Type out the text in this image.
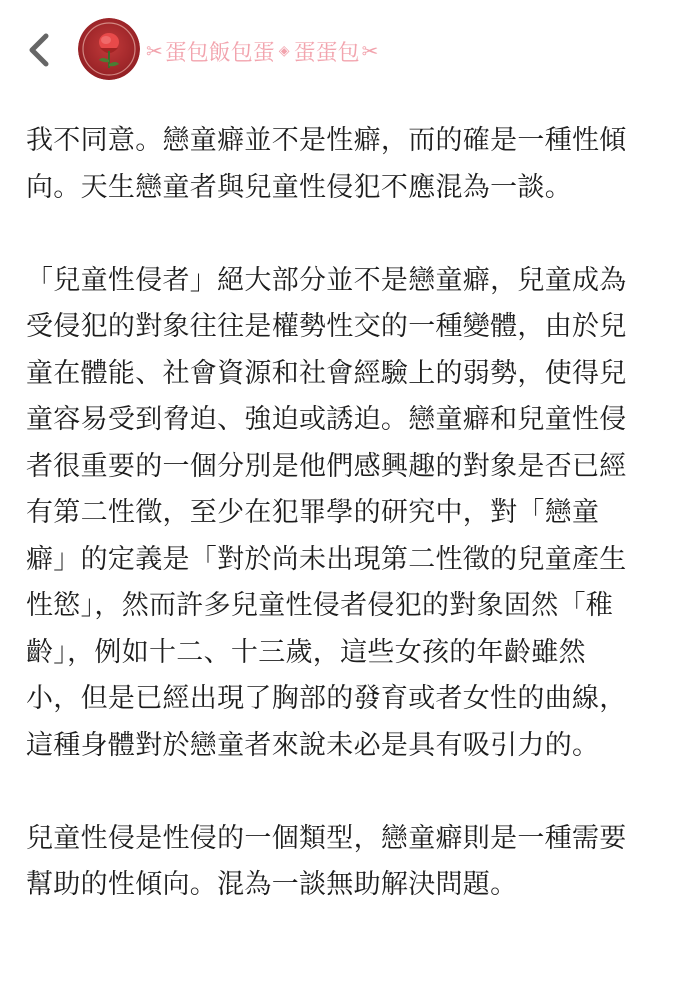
✂ 蛋包飯包蛋 ◈ 蛋蛋包 ✂

我不同意。戀童癖並不是性癖，而的確是一種性傾
向。天生戀童者與兒童性侵犯不應混為一談。

「兒童性侵者」絕大部分並不是戀童癖，兒童成為
受侵犯的對象往往是權勢性交的一種變體，由於兒
童在體能、社會資源和社會經驗上的弱勢，使得兒
童容易受到脅迫、強迫或誘迫。戀童癖和兒童性侵
者很重要的一個分別是他們感興趣的對象是否已經
有第二性徵，至少在犯罪學的研究中，對「戀童
癖」的定義是「對於尚未出現第二性徵的兒童產生
性慾」，然而許多兒童性侵者侵犯的對象固然「稚
齡」，例如十二、十三歲，這些女孩的年齡雖然
小，但是已經出現了胸部的發育或者女性的曲線，
這種身體對於戀童者來說未必是具有吸引力的。

兒童性侵是性侵的一個類型，戀童癖則是一種需要
幫助的性傾向。混為一談無助解決問題。
